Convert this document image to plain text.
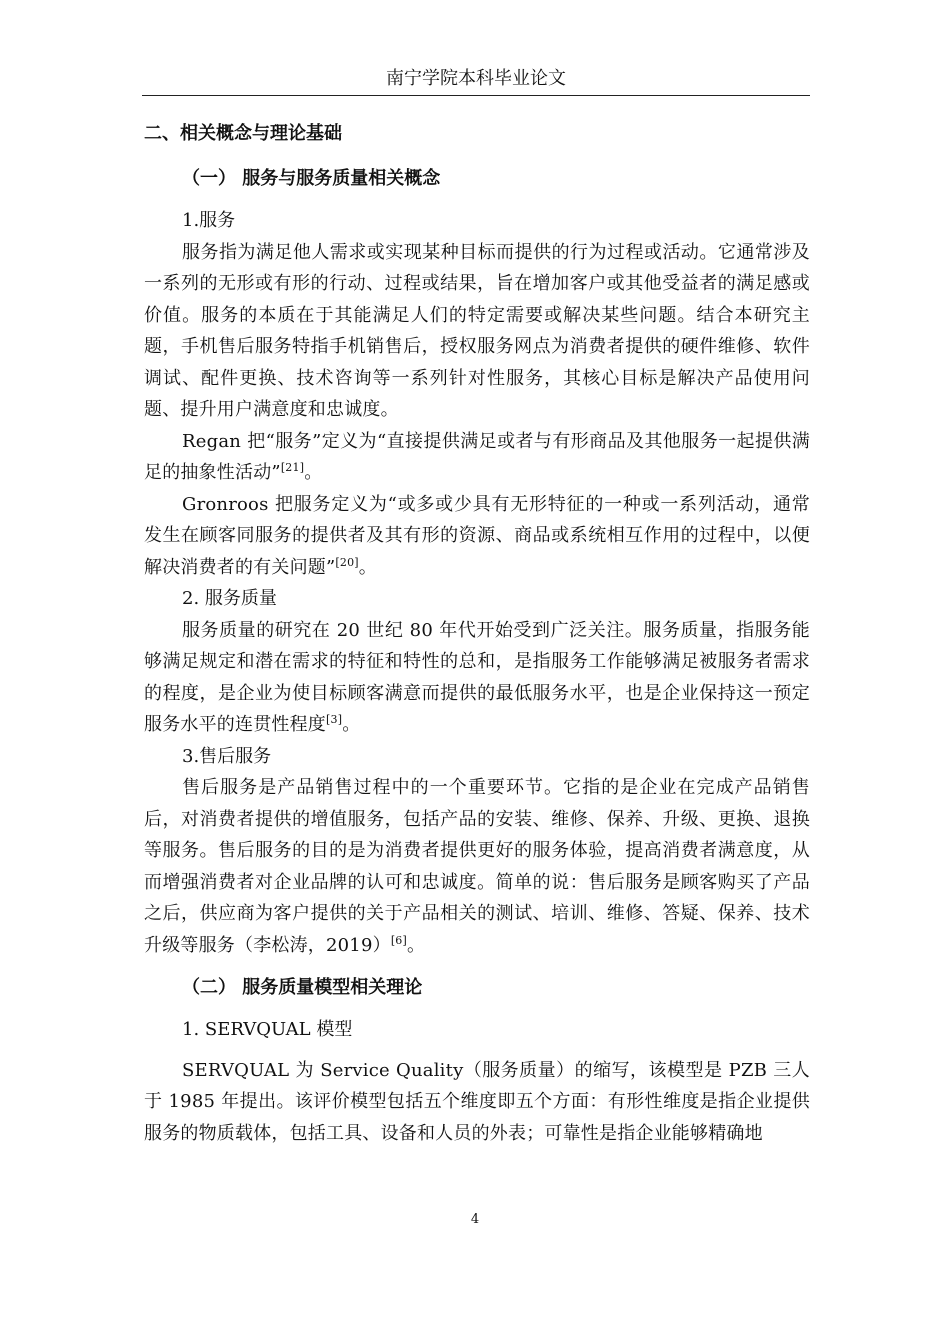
南宁学院本科毕业论文
二、相关概念与理论基础
（一） 服务与服务质量相关概念
1.服务

服务指为满足他人需求或实现某种目标而提供的行为过程或活动。它通常涉及一系列的无形或有形的行动、过程或结果，旨在增加客户或其他受益者的满足感或价值。服务的本质在于其能满足人们的特定需要或解决某些问题。结合本研究主题，手机售后服务特指手机销售后，授权服务网点为消费者提供的硬件维修、软件调试、配件更换、技术咨询等一系列针对性服务，其核心目标是解决产品使用问题、提升用户满意度和忠诚度。

Regan 把“服务”定义为“直接提供满足或者与有形商品及其他服务一起提供满足的抽象性活动”[21]。

Gronroos 把服务定义为“或多或少具有无形特征的一种或一系列活动，通常发生在顾客同服务的提供者及其有形的资源、商品或系统相互作用的过程中，以便解决消费者的有关问题”[20]。

2. 服务质量

服务质量的研究在 20 世纪 80 年代开始受到广泛关注。服务质量，指服务能够满足规定和潜在需求的特征和特性的总和，是指服务工作能够满足被服务者需求的程度，是企业为使目标顾客满意而提供的最低服务水平，也是企业保持这一预定服务水平的连贯性程度[3]。

3.售后服务

售后服务是产品销售过程中的一个重要环节。它指的是企业在完成产品销售后，对消费者提供的增值服务，包括产品的安装、维修、保养、升级、更换、退换等服务。售后服务的目的是为消费者提供更好的服务体验，提高消费者满意度，从而增强消费者对企业品牌的认可和忠诚度。简单的说：售后服务是顾客购买了产品之后，供应商为客户提供的关于产品相关的测试、培训、维修、答疑、保养、技术升级等服务（李松涛，2019）[6]。

（二） 服务质量模型相关理论
1. SERVQUAL 模型

SERVQUAL 为 Service Quality（服务质量）的缩写，该模型是 PZB 三人于 1985 年提出。该评价模型包括五个维度即五个方面：有形性维度是指企业提供服务的物质载体，包括工具、设备和人员的外表；可靠性是指企业能够精确地

4
